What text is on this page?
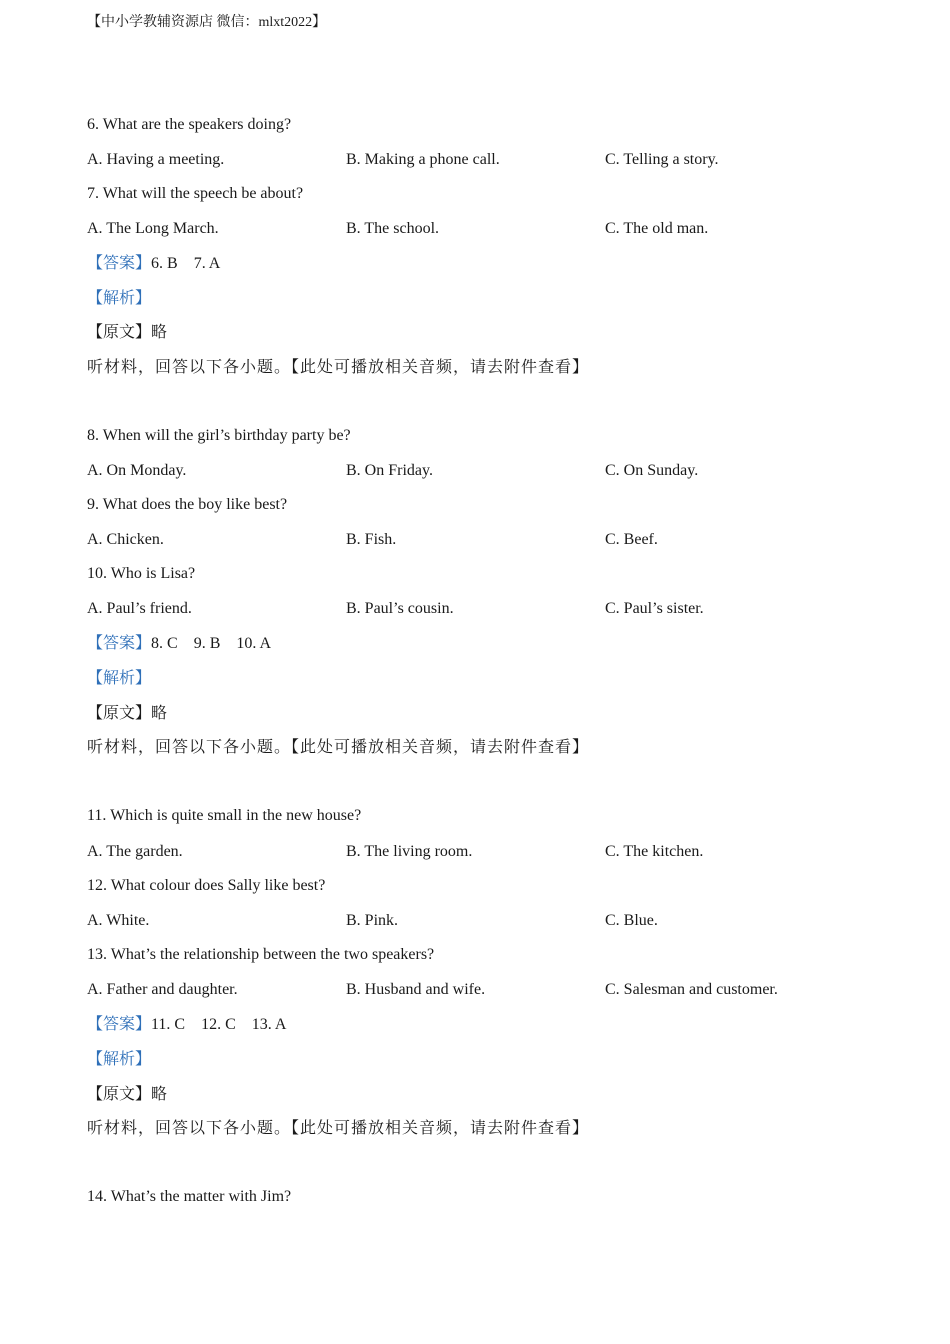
【中小学教辅资源店 微信：mlxt2022】
6. What are the speakers doing?
A. Having a meeting.	B. Making a phone call.	C. Telling a story.
7. What will the speech be about?
A. The Long March.	B. The school.	C. The old man.
【答案】6. B    7. A
【解析】
【原文】略
听材料，回答以下各小题。【此处可播放相关音频，请去附件查看】
8. When will the girl’s birthday party be?
A. On Monday.	B. On Friday.	C. On Sunday.
9. What does the boy like best?
A. Chicken.	B. Fish.	C. Beef.
10. Who is Lisa?
A. Paul’s friend.	B. Paul’s cousin.	C. Paul’s sister.
【答案】8. C    9. B    10. A
【解析】
【原文】略
听材料，回答以下各小题。【此处可播放相关音频，请去附件查看】
11. Which is quite small in the new house?
A. The garden.	B. The living room.	C. The kitchen.
12. What colour does Sally like best?
A. White.	B. Pink.	C. Blue.
13. What’s the relationship between the two speakers?
A. Father and daughter.	B. Husband and wife.	C. Salesman and customer.
【答案】11. C    12. C    13. A
【解析】
【原文】略
听材料，回答以下各小题。【此处可播放相关音频，请去附件查看】
14. What’s the matter with Jim?
